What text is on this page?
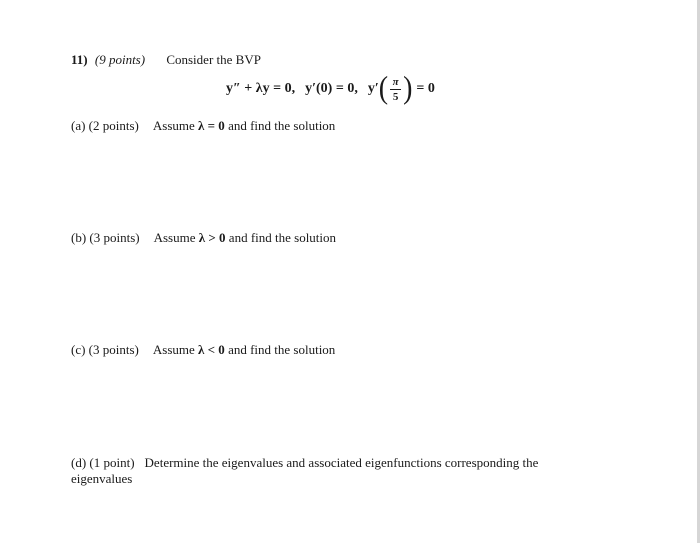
11) (9 points) Consider the BVP
y″ + λy = 0, y′(0) = 0, y′ ( $\frac{\pi}{5}$ ) = 0
(a) (2 points) Assume λ = 0 and find the solution
(b) (3 points) Assume λ > 0 and find the solution
(c) (3 points) Assume λ < 0 and find the solution
(d) (1 point) Determine the eigenvalues and associated eigenfunctions corresponding the
eigenvalues
